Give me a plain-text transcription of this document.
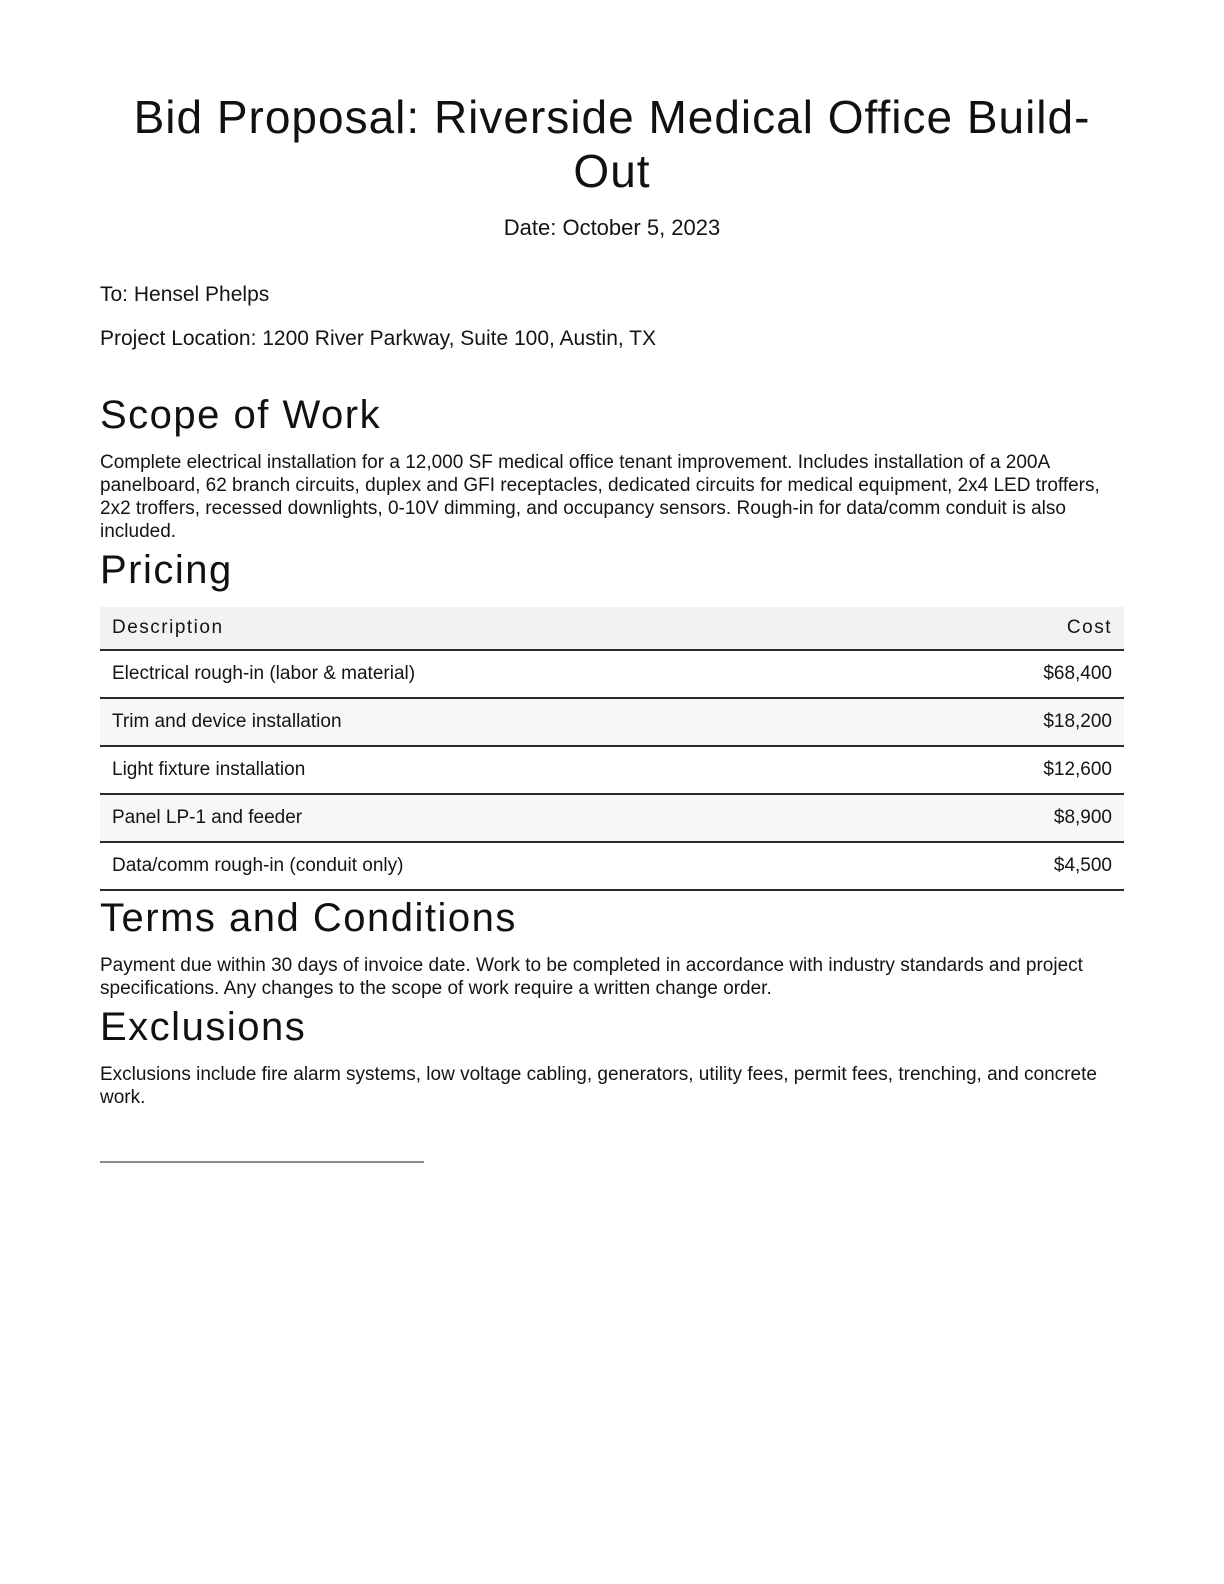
Bid Proposal: Riverside Medical Office Build-Out

Date: October 5, 2023

To: Hensel Phelps

Project Location: 1200 River Parkway, Suite 100, Austin, TX

Scope of Work

Complete electrical installation for a 12,000 SF medical office tenant improvement. Includes installation of a 200A panelboard, 62 branch circuits, duplex and GFI receptacles, dedicated circuits for medical equipment, 2x4 LED troffers, 2x2 troffers, recessed downlights, 0-10V dimming, and occupancy sensors. Rough-in for data/comm conduit is also included.

Pricing
Description	Cost
Electrical rough-in (labor & material)	$68,400
Trim and device installation	$18,200
Light fixture installation	$12,600
Panel LP-1 and feeder	$8,900
Data/comm rough-in (conduit only)	$4,500
Terms and Conditions

Payment due within 30 days of invoice date. Work to be completed in accordance with industry standards and project specifications. Any changes to the scope of work require a written change order.

Exclusions

Exclusions include fire alarm systems, low voltage cabling, generators, utility fees, permit fees, trenching, and concrete work.
